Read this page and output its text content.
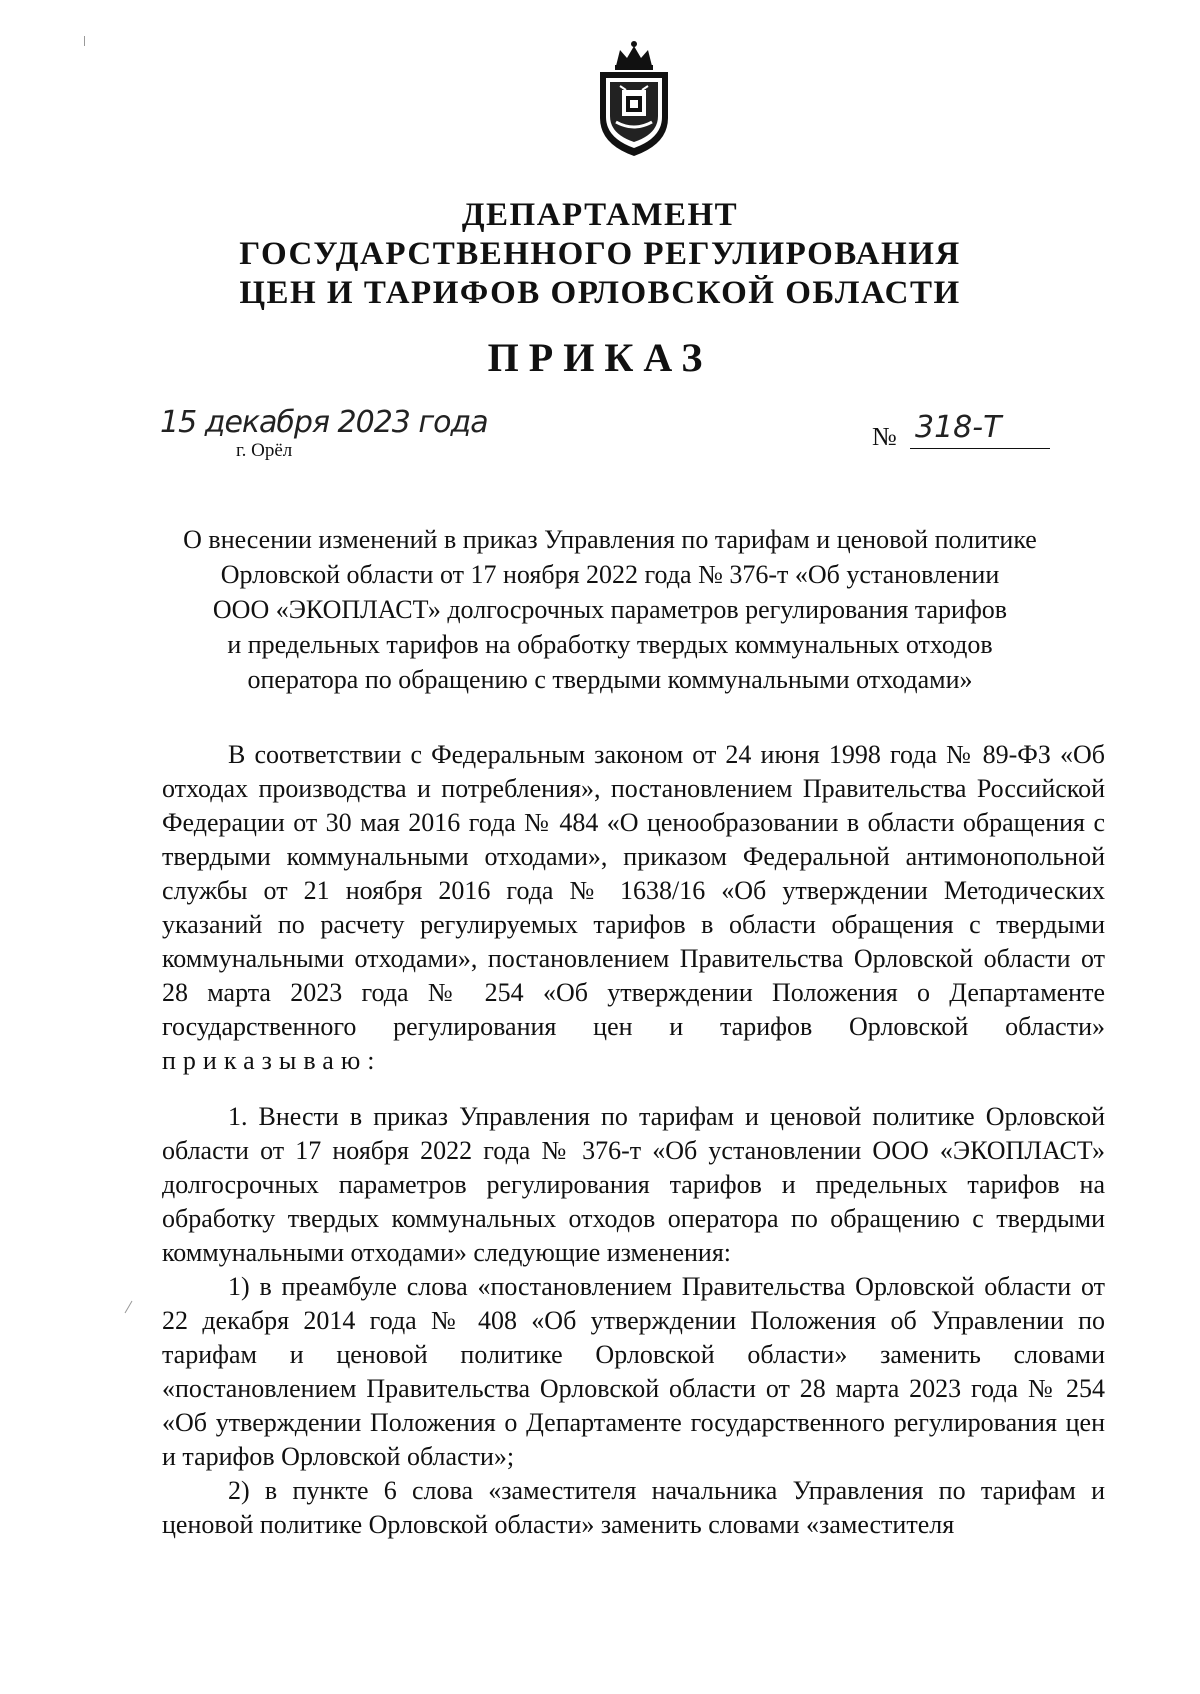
ДЕПАРТАМЕНТ
ГОСУДАРСТВЕННОГО РЕГУЛИРОВАНИЯ
ЦЕН И ТАРИФОВ ОРЛОВСКОЙ ОБЛАСТИ
ПРИКАЗ
15 декабря 2023 года
г. Орёл	№ 318-Т
О внесении изменений в приказ Управления по тарифам и ценовой политике
Орловской области от 17 ноября 2022 года № 376-т «Об установлении
ООО «ЭКОПЛАСТ» долгосрочных параметров регулирования тарифов
и предельных тарифов на обработку твердых коммунальных отходов
оператора по обращению с твердыми коммунальными отходами»

В соответствии с Федеральным законом от 24 июня 1998 года № 89-ФЗ «Об отходах производства и потребления», постановлением Правительства Российской Федерации от 30 мая 2016 года № 484 «О ценообразовании в области обращения с твердыми коммунальными отходами», приказом Федеральной антимонопольной службы от 21 ноября 2016 года № 1638/16 «Об утверждении Методических указаний по расчету регулируемых тарифов в области обращения с твердыми коммунальными отходами», постановлением Правительства Орловской области от 28 марта 2023 года № 254 «Об утверждении Положения о Департаменте государственного регулирования цен и тарифов Орловской области» приказываю:

1. Внести в приказ Управления по тарифам и ценовой политике Орловской области от 17 ноября 2022 года № 376-т «Об установлении ООО «ЭКОПЛАСТ» долгосрочных параметров регулирования тарифов и предельных тарифов на обработку твердых коммунальных отходов оператора по обращению с твердыми коммунальными отходами» следующие изменения:

1) в преамбуле слова «постановлением Правительства Орловской области от 22 декабря 2014 года № 408 «Об утверждении Положения об Управлении по тарифам и ценовой политике Орловской области» заменить словами «постановлением Правительства Орловской области от 28 марта 2023 года № 254 «Об утверждении Положения о Департаменте государственного регулирования цен и тарифов Орловской области»;

2) в пункте 6 слова «заместителя начальника Управления по тарифам и ценовой политике Орловской области» заменить словами «заместителя
